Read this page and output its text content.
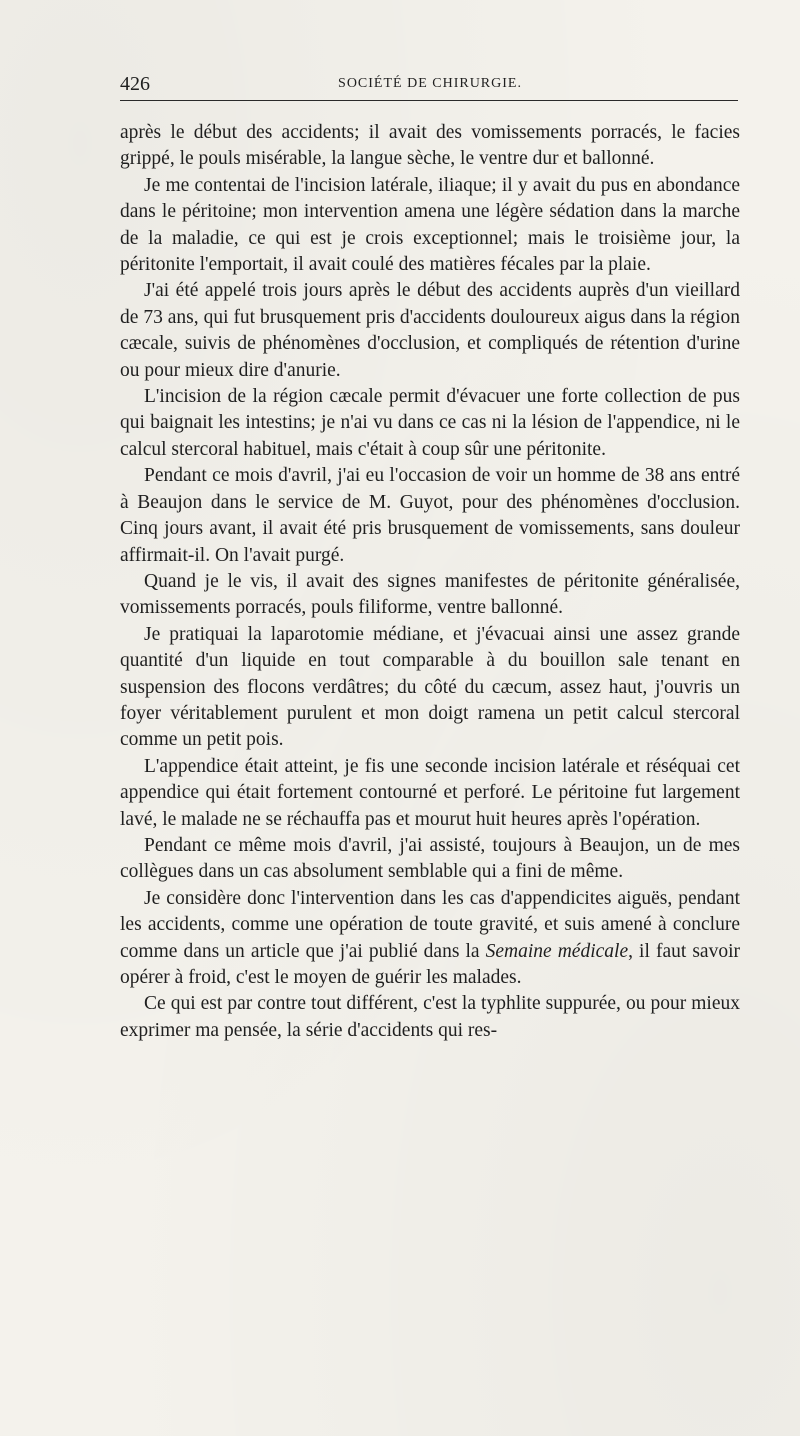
426	SOCIÉTÉ DE CHIRURGIE.

après le début des accidents; il avait des vomissements porracés, le facies grippé, le pouls misérable, la langue sèche, le ventre dur et ballonné.

Je me contentai de l'incision latérale, iliaque; il y avait du pus en abondance dans le péritoine; mon intervention amena une légère sédation dans la marche de la maladie, ce qui est je crois exceptionnel; mais le troisième jour, la péritonite l'emportait, il avait coulé des matières fécales par la plaie.

J'ai été appelé trois jours après le début des accidents auprès d'un vieillard de 73 ans, qui fut brusquement pris d'accidents douloureux aigus dans la région cæcale, suivis de phénomènes d'occlusion, et compliqués de rétention d'urine ou pour mieux dire d'anurie.

L'incision de la région cæcale permit d'évacuer une forte collection de pus qui baignait les intestins; je n'ai vu dans ce cas ni la lésion de l'appendice, ni le calcul stercoral habituel, mais c'était à coup sûr une péritonite.

Pendant ce mois d'avril, j'ai eu l'occasion de voir un homme de 38 ans entré à Beaujon dans le service de M. Guyot, pour des phénomènes d'occlusion. Cinq jours avant, il avait été pris brusquement de vomissements, sans douleur affirmait-il. On l'avait purgé.

Quand je le vis, il avait des signes manifestes de péritonite généralisée, vomissements porracés, pouls filiforme, ventre ballonné.

Je pratiquai la laparotomie médiane, et j'évacuai ainsi une assez grande quantité d'un liquide en tout comparable à du bouillon sale tenant en suspension des flocons verdâtres; du côté du cæcum, assez haut, j'ouvris un foyer véritablement purulent et mon doigt ramena un petit calcul stercoral comme un petit pois.

L'appendice était atteint, je fis une seconde incision latérale et réséquai cet appendice qui était fortement contourné et perforé. Le péritoine fut largement lavé, le malade ne se réchauffa pas et mourut huit heures après l'opération.

Pendant ce même mois d'avril, j'ai assisté, toujours à Beaujon, un de mes collègues dans un cas absolument semblable qui a fini de même.

Je considère donc l'intervention dans les cas d'appendicites aiguës, pendant les accidents, comme une opération de toute gravité, et suis amené à conclure comme dans un article que j'ai publié dans la Semaine médicale, il faut savoir opérer à froid, c'est le moyen de guérir les malades.

Ce qui est par contre tout différent, c'est la typhlite suppurée, ou pour mieux exprimer ma pensée, la série d'accidents qui res-
